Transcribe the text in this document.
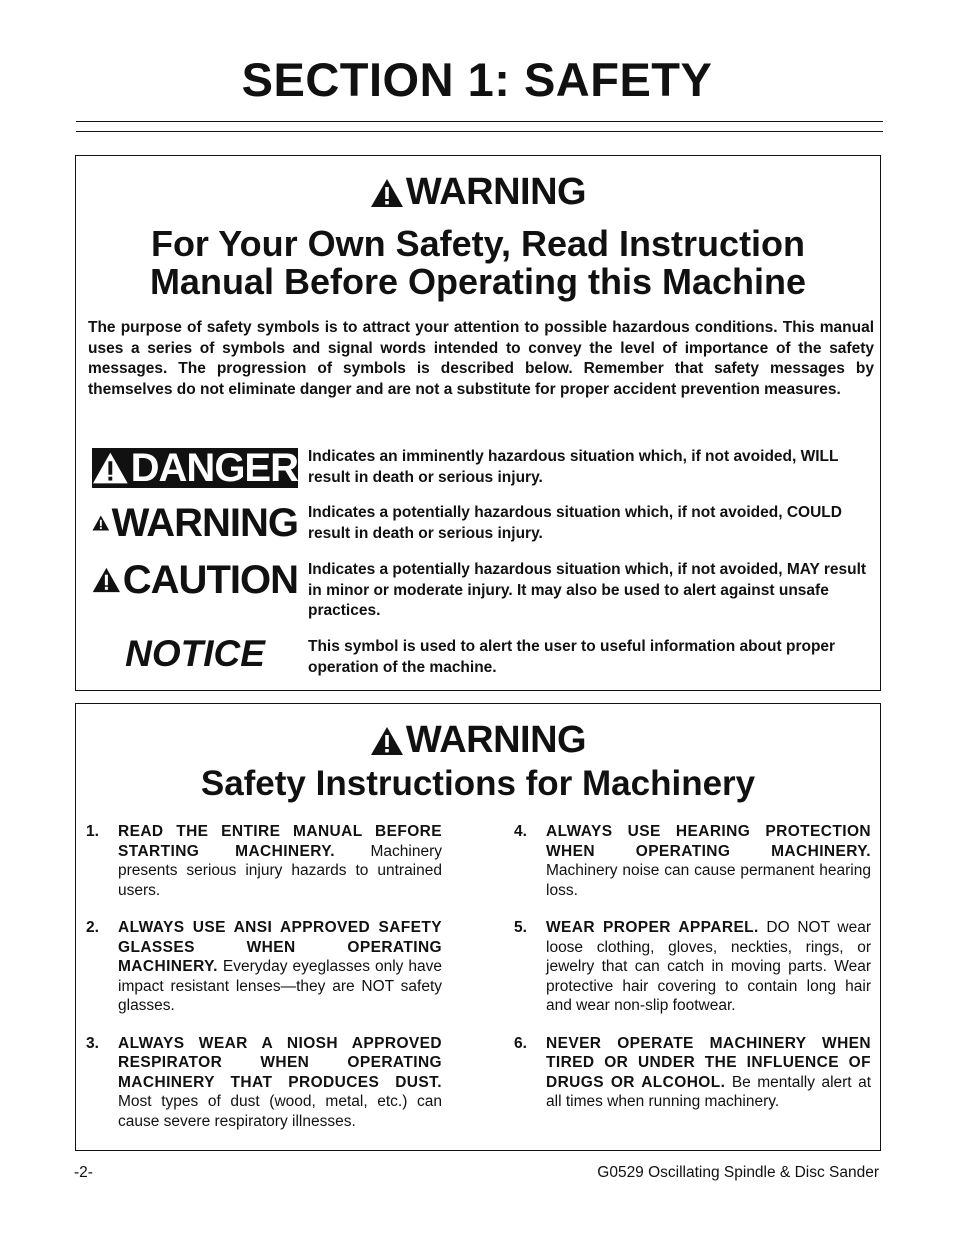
SECTION 1: SAFETY
WARNING
For Your Own Safety, Read Instruction
Manual Before Operating this Machine

The purpose of safety symbols is to attract your attention to possible hazardous conditions. This manual uses a series of symbols and signal words intended to convey the level of importance of the safety messages. The progression of symbols is described below. Remember that safety messages by themselves do not eliminate danger and are not a substitute for proper accident prevention measures.

DANGER Indicates an imminently hazardous situation which, if not avoided, WILL result in death or serious injury.

WARNING Indicates a potentially hazardous situation which, if not avoided, COULD result in death or serious injury.

CAUTION Indicates a potentially hazardous situation which, if not avoided, MAY result in minor or moderate injury. It may also be used to alert against unsafe practices.

NOTICE	This symbol is used to alert the user to useful information about proper operation of the machine.

WARNING
Safety Instructions for Machinery
1. READ THE ENTIRE MANUAL BEFORE STARTING MACHINERY. Machinery presents serious injury hazards to untrained users.
2. ALWAYS USE ANSI APPROVED SAFETY GLASSES WHEN OPERATING MACHINERY. Everyday eyeglasses only have impact resistant lenses—they are NOT safety glasses.
3. ALWAYS WEAR A NIOSH APPROVED RESPIRATOR WHEN OPERATING MACHINERY THAT PRODUCES DUST. Most types of dust (wood, metal, etc.) can cause severe respiratory illnesses.
4. ALWAYS USE HEARING PROTECTION WHEN OPERATING MACHINERY. Machinery noise can cause permanent hearing loss.
5. WEAR PROPER APPAREL. DO NOT wear loose clothing, gloves, neckties, rings, or jewelry that can catch in moving parts. Wear protective hair covering to contain long hair and wear non-slip footwear.
6. NEVER OPERATE MACHINERY WHEN TIRED OR UNDER THE INFLUENCE OF DRUGS OR ALCOHOL. Be mentally alert at all times when running machinery.
-2-	G0529 Oscillating Spindle & Disc Sander
